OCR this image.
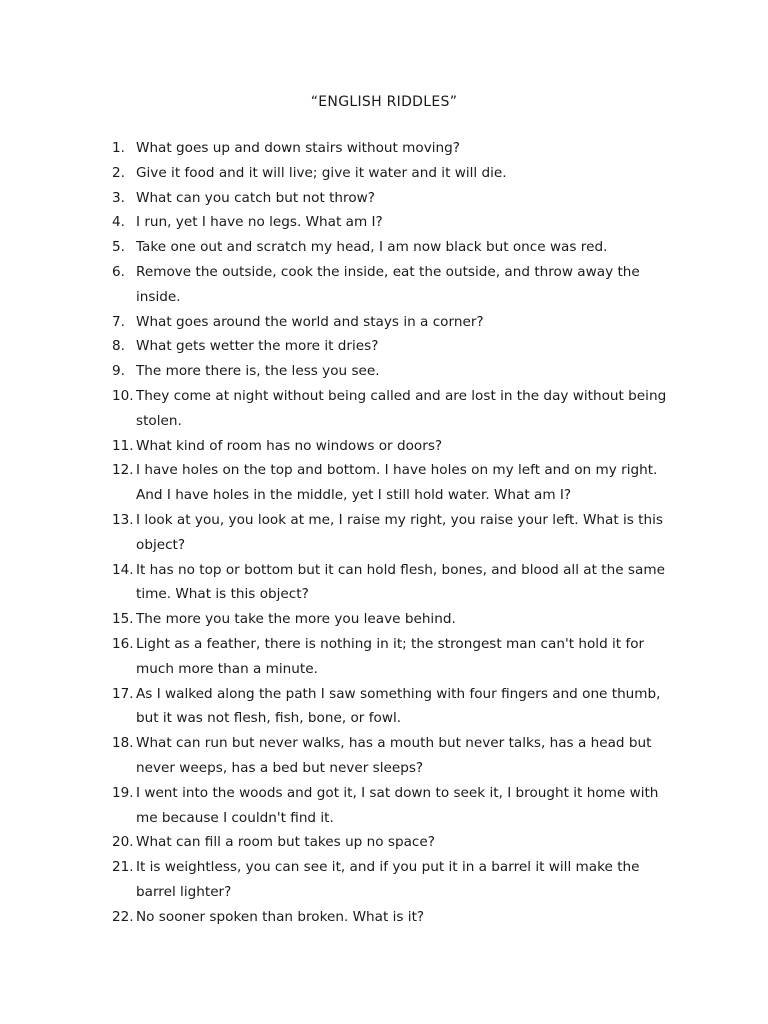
“ENGLISH RIDDLES”
1. What goes up and down stairs without moving?
2. Give it food and it will live; give it water and it will die.
3. What can you catch but not throw?
4. I run, yet I have no legs. What am I?
5. Take one out and scratch my head, I am now black but once was red.
6. Remove the outside, cook the inside, eat the outside, and throw away the inside.
7. What goes around the world and stays in a corner?
8. What gets wetter the more it dries?
9. The more there is, the less you see.
10. They come at night without being called and are lost in the day without being stolen.
11. What kind of room has no windows or doors?
12. I have holes on the top and bottom. I have holes on my left and on my right. And I have holes in the middle, yet I still hold water. What am I?
13. I look at you, you look at me, I raise my right, you raise your left. What is this object?
14. It has no top or bottom but it can hold flesh, bones, and blood all at the same time. What is this object?
15. The more you take the more you leave behind.
16. Light as a feather, there is nothing in it; the strongest man can't hold it for much more than a minute.
17. As I walked along the path I saw something with four fingers and one thumb, but it was not flesh, fish, bone, or fowl.
18. What can run but never walks, has a mouth but never talks, has a head but never weeps, has a bed but never sleeps?
19. I went into the woods and got it, I sat down to seek it, I brought it home with me because I couldn't find it.
20. What can fill a room but takes up no space?
21. It is weightless, you can see it, and if you put it in a barrel it will make the barrel lighter?
22. No sooner spoken than broken. What is it?
